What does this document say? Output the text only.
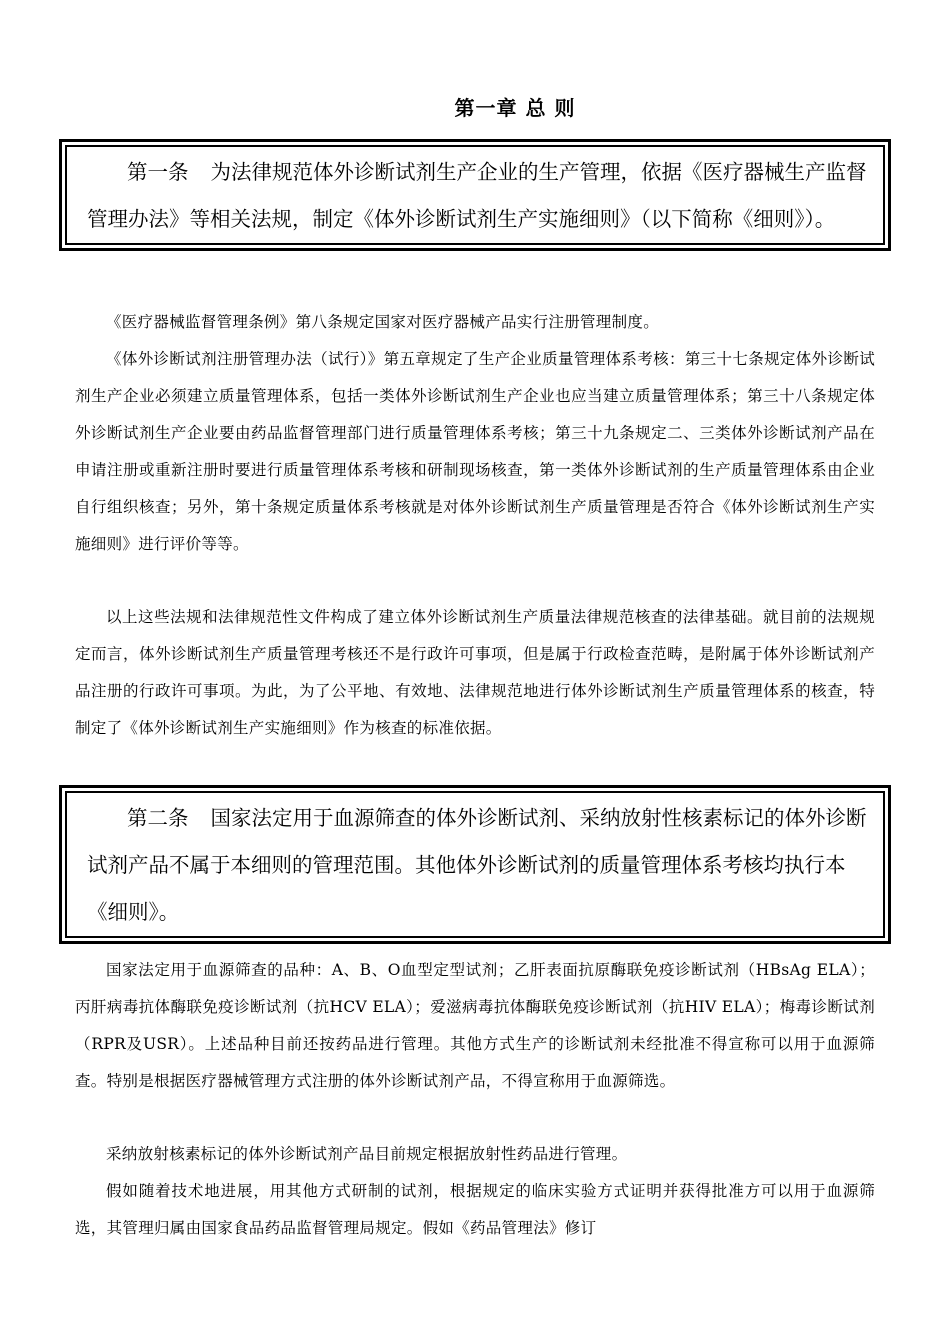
第一章 总 则
第一条 为法律规范体外诊断试剂生产企业的生产管理，依据《医疗器械生产监督管理办法》等相关法规，制定《体外诊断试剂生产实施细则》（以下简称《细则》）。
《医疗器械监督管理条例》第八条规定国家对医疗器械产品实行注册管理制度。
《体外诊断试剂注册管理办法（试行）》第五章规定了生产企业质量管理体系考核：第三十七条规定体外诊断试剂生产企业必须建立质量管理体系，包括一类体外诊断试剂生产企业也应当建立质量管理体系；第三十八条规定体外诊断试剂生产企业要由药品监督管理部门进行质量管理体系考核；第三十九条规定二、三类体外诊断试剂产品在申请注册或重新注册时要进行质量管理体系考核和研制现场核查，第一类体外诊断试剂的生产质量管理体系由企业自行组织核查；另外，第十条规定质量体系考核就是对体外诊断试剂生产质量管理是否符合《体外诊断试剂生产实施细则》进行评价等等。
以上这些法规和法律规范性文件构成了建立体外诊断试剂生产质量法律规范核查的法律基础。就目前的法规规定而言，体外诊断试剂生产质量管理考核还不是行政许可事项，但是属于行政检查范畴，是附属于体外诊断试剂产品注册的行政许可事项。为此，为了公平地、有效地、法律规范地进行体外诊断试剂生产质量管理体系的核查，特制定了《体外诊断试剂生产实施细则》作为核查的标准依据。
第二条 国家法定用于血源筛查的体外诊断试剂、采纳放射性核素标记的体外诊断试剂产品不属于本细则的管理范围。其他体外诊断试剂的质量管理体系考核均执行本《细则》。
国家法定用于血源筛查的品种：A、B、O血型定型试剂；乙肝表面抗原酶联免疫诊断试剂（HBsAg ELA）；丙肝病毒抗体酶联免疫诊断试剂（抗HCV ELA）；爱滋病毒抗体酶联免疫诊断试剂（抗HIV ELA）；梅毒诊断试剂（RPR及USR）。上述品种目前还按药品进行管理。其他方式生产的诊断试剂未经批准不得宣称可以用于血源筛查。特别是根据医疗器械管理方式注册的体外诊断试剂产品，不得宣称用于血源筛选。
采纳放射核素标记的体外诊断试剂产品目前规定根据放射性药品进行管理。
假如随着技术地进展，用其他方式研制的试剂，根据规定的临床实验方式证明并获得批准方可以用于血源筛选，其管理归属由国家食品药品监督管理局规定。假如《药品管理法》修订
